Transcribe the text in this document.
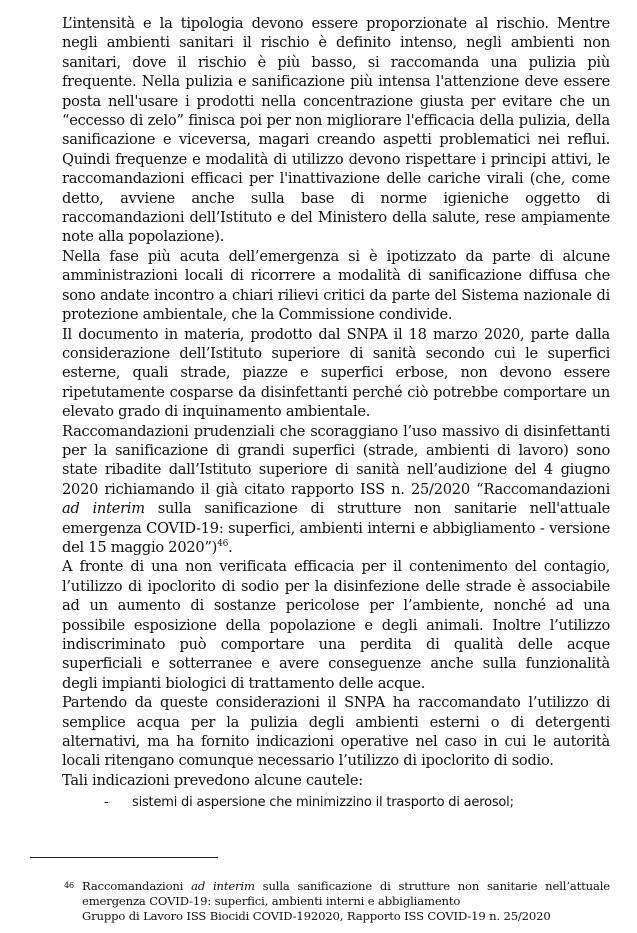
L’intensità e la tipologia devono essere proporzionate al rischio. Mentre negli ambienti sanitari il rischio è definito intenso, negli ambienti non sanitari, dove il rischio è più basso, si raccomanda una pulizia più frequente. Nella pulizia e sanificazione più intensa l'attenzione deve essere posta nell'usare i prodotti nella concentrazione giusta per evitare che un “eccesso di zelo” finisca poi per non migliorare l'efficacia della pulizia, della sanificazione e viceversa, magari creando aspetti problematici nei reflui. Quindi frequenze e modalità di utilizzo devono rispettare i principi attivi, le raccomandazioni efficaci per l'inattivazione delle cariche virali (che, come detto, avviene anche sulla base di norme igieniche oggetto di raccomandazioni dell’Istituto e del Ministero della salute, rese ampiamente note alla popolazione).

Nella fase più acuta dell’emergenza si è ipotizzato da parte di alcune amministrazioni locali di ricorrere a modalità di sanificazione diffusa che sono andate incontro a chiari rilievi critici da parte del Sistema nazionale di protezione ambientale, che la Commissione condivide.

Il documento in materia, prodotto dal SNPA il 18 marzo 2020, parte dalla considerazione dell’Istituto superiore di sanità secondo cui le superfici esterne, quali strade, piazze e superfici erbose, non devono essere ripetutamente cosparse da disinfettanti perché ciò potrebbe comportare un elevato grado di inquinamento ambientale.

Raccomandazioni prudenziali che scoraggiano l’uso massivo di disinfettanti per la sanificazione di grandi superfici (strade, ambienti di lavoro) sono state ribadite dall’Istituto superiore di sanità nell’audizione del 4 giugno 2020 richiamando il già citato rapporto ISS n. 25/2020 “Raccomandazioni ad interim sulla sanificazione di strutture non sanitarie nell'attuale emergenza COVID-19: superfici, ambienti interni e abbigliamento - versione del 15 maggio 2020”)$^{46}$.

A fronte di una non verificata efficacia per il contenimento del contagio, l’utilizzo di ipoclorito di sodio per la disinfezione delle strade è associabile ad un aumento di sostanze pericolose per l’ambiente, nonché ad una possibile esposizione della popolazione e degli animali. Inoltre l’utilizzo indiscriminato può comportare una perdita di qualità delle acque superficiali e sotterranee e avere conseguenze anche sulla funzionalità degli impianti biologici di trattamento delle acque.

Partendo da queste considerazioni il SNPA ha raccomandato l’utilizzo di semplice acqua per la pulizia degli ambienti esterni o di detergenti alternativi, ma ha fornito indicazioni operative nel caso in cui le autorità locali ritengano comunque necessario l’utilizzo di ipoclorito di sodio.

Tali indicazioni prevedono alcune cautele:

- sistemi di aspersione che minimizzino il trasporto di aerosol;
46 Raccomandazioni ad interim sulla sanificazione di strutture non sanitarie nell’attuale emergenza COVID-19: superfici, ambienti interni e abbigliamento
Gruppo di Lavoro ISS Biocidi COVID-192020, Rapporto ISS COVID-19 n. 25/2020
